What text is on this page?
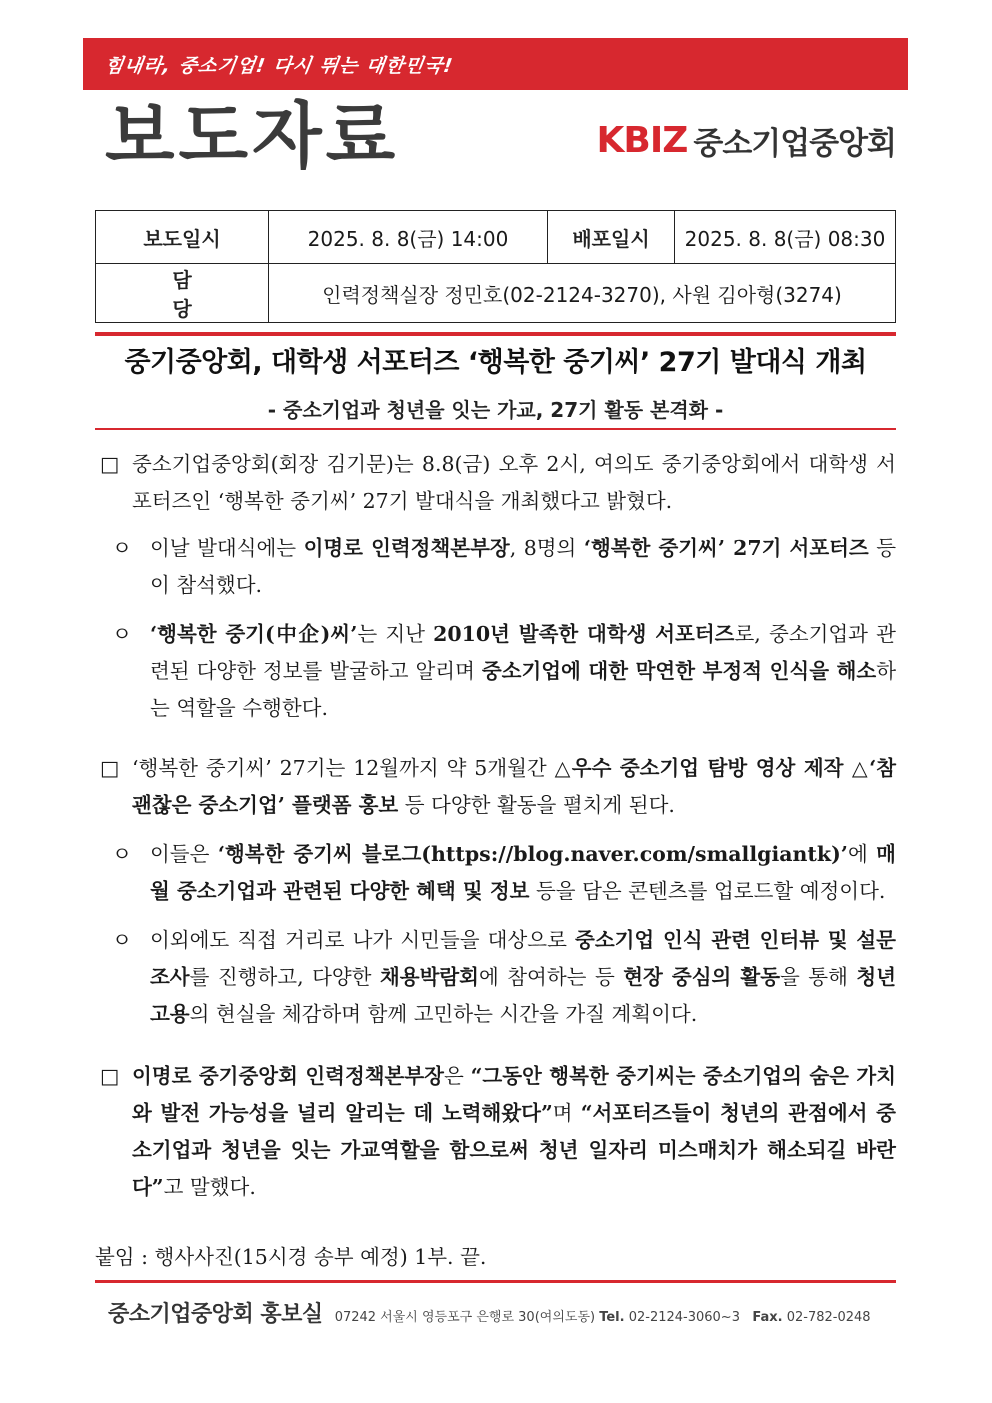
힘내라, 중소기업! 다시 뛰는 대한민국!
보도자료	KBIZ 중소기업중앙회
보도일시	2025. 8. 8(금) 14:00	배포일시	2025. 8. 8(금) 08:30
담당	인력정책실장 정민호(02-2124-3270), 사원 김아형(3274)		
중기중앙회, 대학생 서포터즈 ‘행복한 중기씨’ 27기 발대식 개최
- 중소기업과 청년을 잇는 가교, 27기 활동 본격화 -
□ 중소기업중앙회(회장 김기문)는 8.8(금) 오후 2시, 여의도 중기중앙회에서 대학생 서포터즈인 ‘행복한 중기씨’ 27기 발대식을 개최했다고 밝혔다.
ㅇ 이날 발대식에는 이명로 인력정책본부장, 8명의 ‘행복한 중기씨’ 27기 서포터즈 등이 참석했다.
ㅇ ‘행복한 중기(中企)씨’는 지난 2010년 발족한 대학생 서포터즈로, 중소기업과 관련된 다양한 정보를 발굴하고 알리며 중소기업에 대한 막연한 부정적 인식을 해소하는 역할을 수행한다.
□ ‘행복한 중기씨’ 27기는 12월까지 약 5개월간 △우수 중소기업 탐방 영상 제작 △‘참 괜찮은 중소기업’ 플랫폼 홍보 등 다양한 활동을 펼치게 된다.
ㅇ 이들은 ‘행복한 중기씨 블로그(https://blog.naver.com/smallgiantk)’에 매월 중소기업과 관련된 다양한 혜택 및 정보 등을 담은 콘텐츠를 업로드할 예정이다.
ㅇ 이외에도 직접 거리로 나가 시민들을 대상으로 중소기업 인식 관련 인터뷰 및 설문조사를 진행하고, 다양한 채용박람회에 참여하는 등 현장 중심의 활동을 통해 청년고용의 현실을 체감하며 함께 고민하는 시간을 가질 계획이다.
□ 이명로 중기중앙회 인력정책본부장은 “그동안 행복한 중기씨는 중소기업의 숨은 가치와 발전 가능성을 널리 알리는 데 노력해왔다”며 “서포터즈들이 청년의 관점에서 중소기업과 청년을 잇는 가교역할을 함으로써 청년 일자리 미스매치가 해소되길 바란다”고 말했다.
붙임 : 행사사진(15시경 송부 예정) 1부. 끝.
중소기업중앙회 홍보실 07242 서울시 영등포구 은행로 30(여의도동) Tel. 02-2124-3060~3 Fax. 02-782-0248
